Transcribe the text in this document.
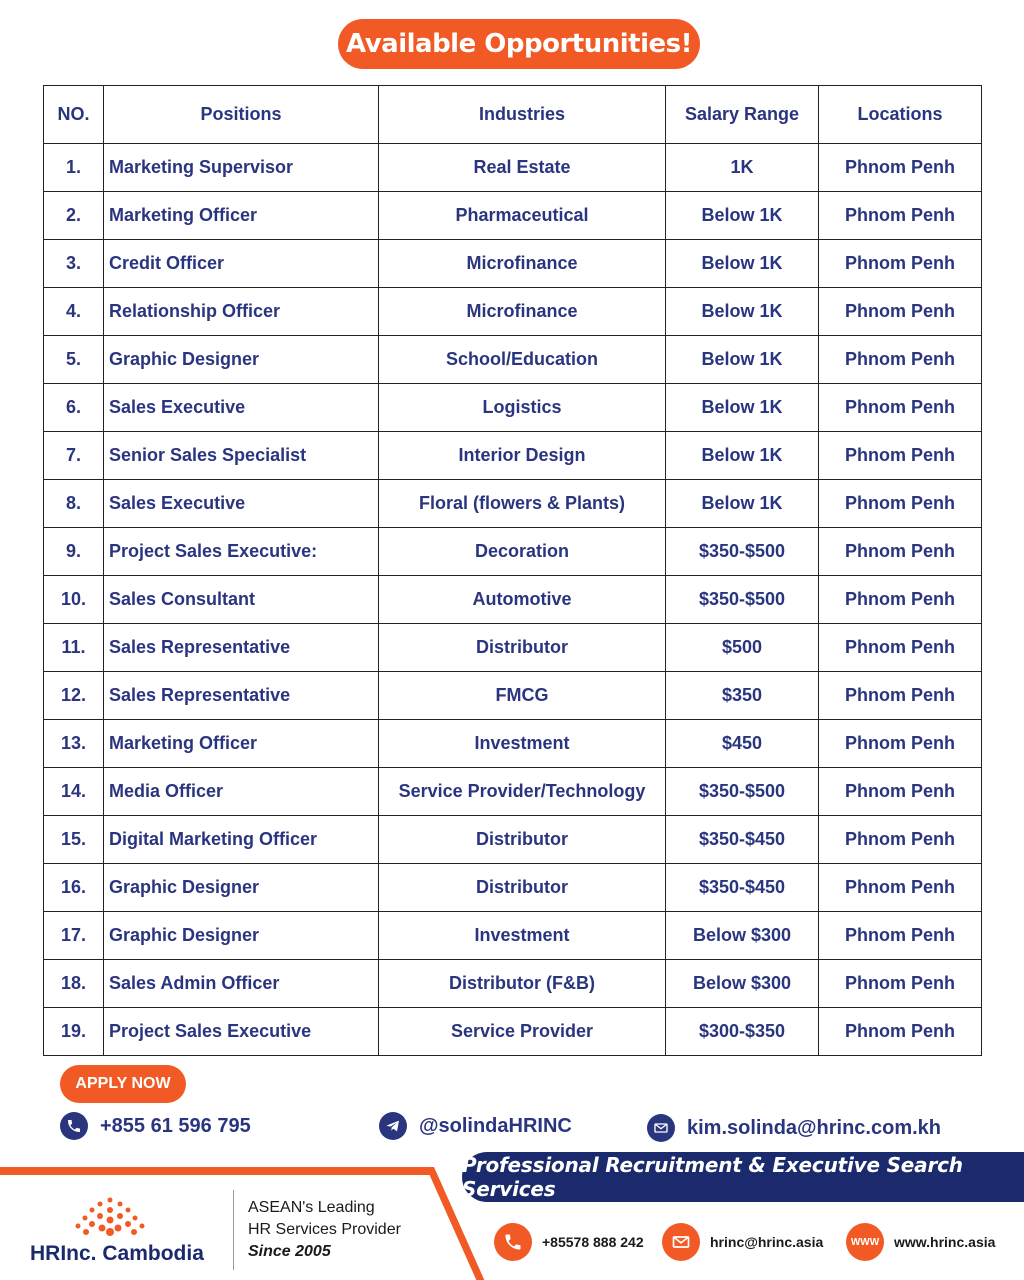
Available Opportunities!
NO.	Positions	Industries	Salary Range	Locations
1.	Marketing Supervisor	Real Estate	1K	Phnom Penh
2.	Marketing Officer	Pharmaceutical	Below 1K	Phnom Penh
3.	Credit Officer	Microfinance	Below 1K	Phnom Penh
4.	Relationship Officer	Microfinance	Below 1K	Phnom Penh
5.	Graphic Designer	School/Education	Below 1K	Phnom Penh
6.	Sales Executive	Logistics	Below 1K	Phnom Penh
7.	Senior Sales Specialist	Interior Design	Below 1K	Phnom Penh
8.	Sales Executive	Floral (flowers & Plants)	Below 1K	Phnom Penh
9.	Project Sales Executive:	Decoration	$350-$500	Phnom Penh
10.	Sales Consultant	Automotive	$350-$500	Phnom Penh
11.	Sales Representative	Distributor	$500	Phnom Penh
12.	Sales Representative	FMCG	$350	Phnom Penh
13.	Marketing Officer	Investment	$450	Phnom Penh
14.	Media Officer	Service Provider/Technology	$350-$500	Phnom Penh
15.	Digital Marketing Officer	Distributor	$350-$450	Phnom Penh
16.	Graphic Designer	Distributor	$350-$450	Phnom Penh
17.	Graphic Designer	Investment	Below $300	Phnom Penh
18.	Sales Admin Officer	Distributor (F&B)	Below $300	Phnom Penh
19.	Project Sales Executive	Service Provider	$300-$350	Phnom Penh
APPLY NOW
+855 61 596 795	@solindaHRINC	kim.solinda@hrinc.com.kh
Professional Recruitment & Executive Search Services
HRInc. Cambodia
ASEAN's Leading
HR Services Provider
Since 2005
+85578 888 242	hrinc@hrinc.asia	WWW	www.hrinc.asia
